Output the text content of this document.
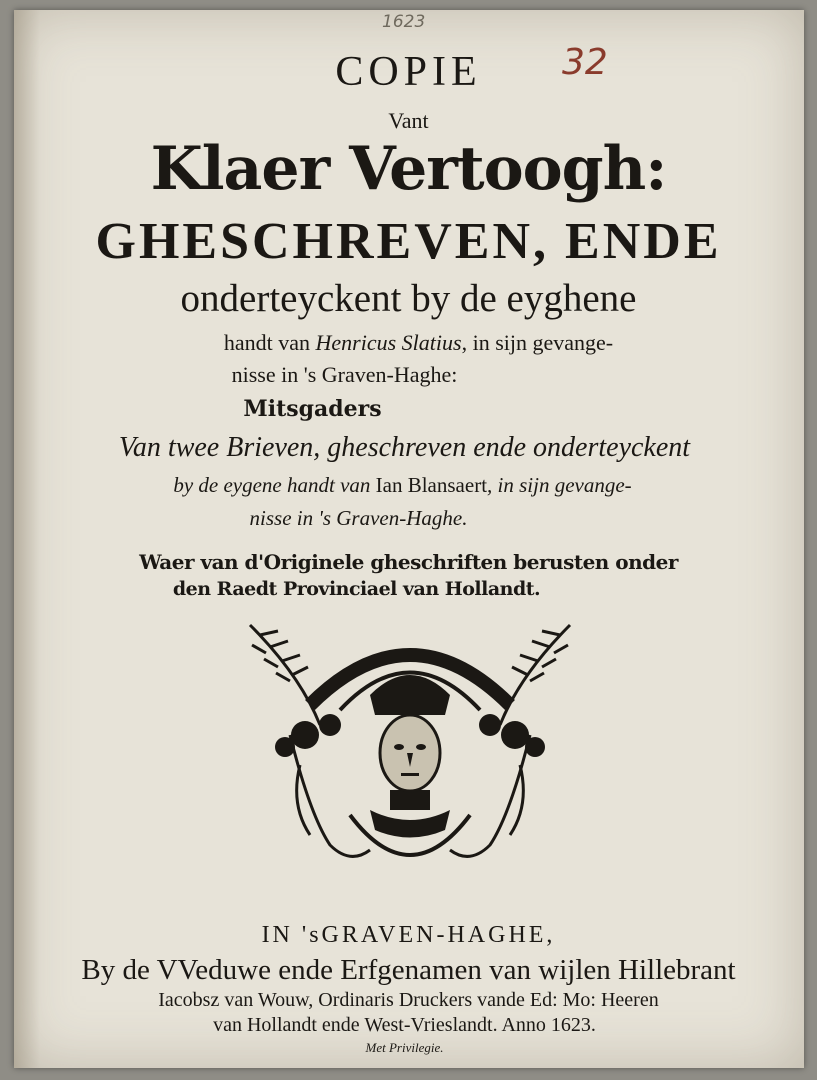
1623
32
COPIE
Vant
Klaer Vertoogh:
GHESCHREVEN, ENDE
onderteyckent by de eyghene
handt van Henricus Slatius, in sijn gevange-
nisse in 's Graven-Haghe:
Mitsgaders
Van twee Brieven, gheschreven ende onderteyckent
by de eygene handt van Ian Blansaert, in sijn gevange-
nisse in 's Graven-Haghe.
Waer van d'Originele gheschriften berusten onder
den Raedt Provinciael van Hollandt.
IN 'sGRAVEN-HAGHE,
By de VVeduwe ende Erfgenamen van wijlen Hillebrant
Iacobsz van Wouw, Ordinaris Druckers vande Ed: Mo: Heeren
van Hollandt ende West-Vrieslandt. Anno 1623.
Met Privilegie.
